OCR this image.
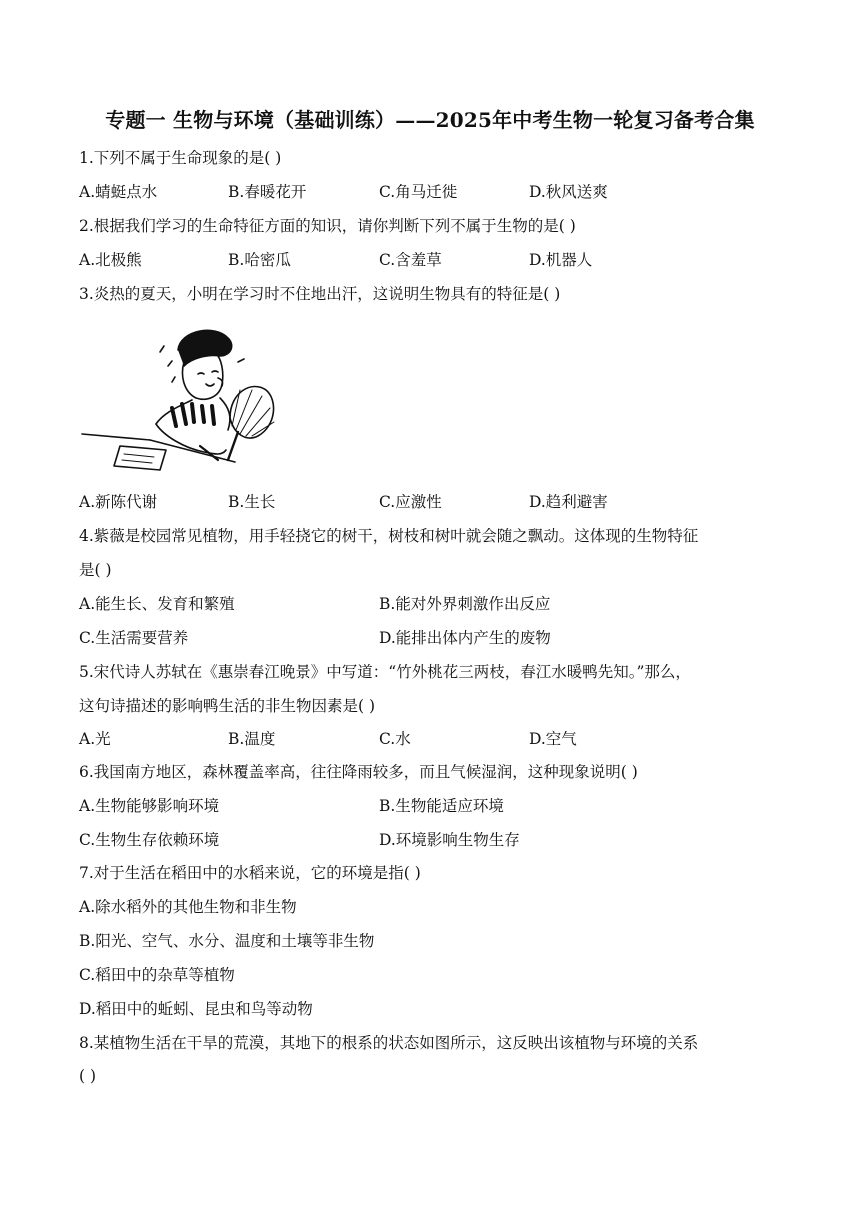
专题一 生物与环境（基础训练）——2025年中考生物一轮复习备考合集
1.下列不属于生命现象的是( )
A.蜻蜓点水	B.春暖花开	C.角马迁徙	D.秋风送爽
2.根据我们学习的生命特征方面的知识，请你判断下列不属于生物的是( )
A.北极熊	B.哈密瓜	C.含羞草	D.机器人
3.炎热的夏天，小明在学习时不住地出汗，这说明生物具有的特征是( )
A.新陈代谢	B.生长	C.应激性	D.趋利避害
4.紫薇是校园常见植物，用手轻挠它的树干，树枝和树叶就会随之飘动。这体现的生物特征
是( )
A.能生长、发育和繁殖	B.能对外界刺激作出反应
C.生活需要营养	D.能排出体内产生的废物
5.宋代诗人苏轼在《惠崇春江晚景》中写道：“竹外桃花三两枝，春江水暖鸭先知。”那么，
这句诗描述的影响鸭生活的非生物因素是( )
A.光	B.温度	C.水	D.空气
6.我国南方地区，森林覆盖率高，往往降雨较多，而且气候湿润，这种现象说明( )
A.生物能够影响环境	B.生物能适应环境
C.生物生存依赖环境	D.环境影响生物生存
7.对于生活在稻田中的水稻来说，它的环境是指( )
A.除水稻外的其他生物和非生物
B.阳光、空气、水分、温度和土壤等非生物
C.稻田中的杂草等植物
D.稻田中的蚯蚓、昆虫和鸟等动物
8.某植物生活在干旱的荒漠，其地下的根系的状态如图所示，这反映出该植物与环境的关系
( )
